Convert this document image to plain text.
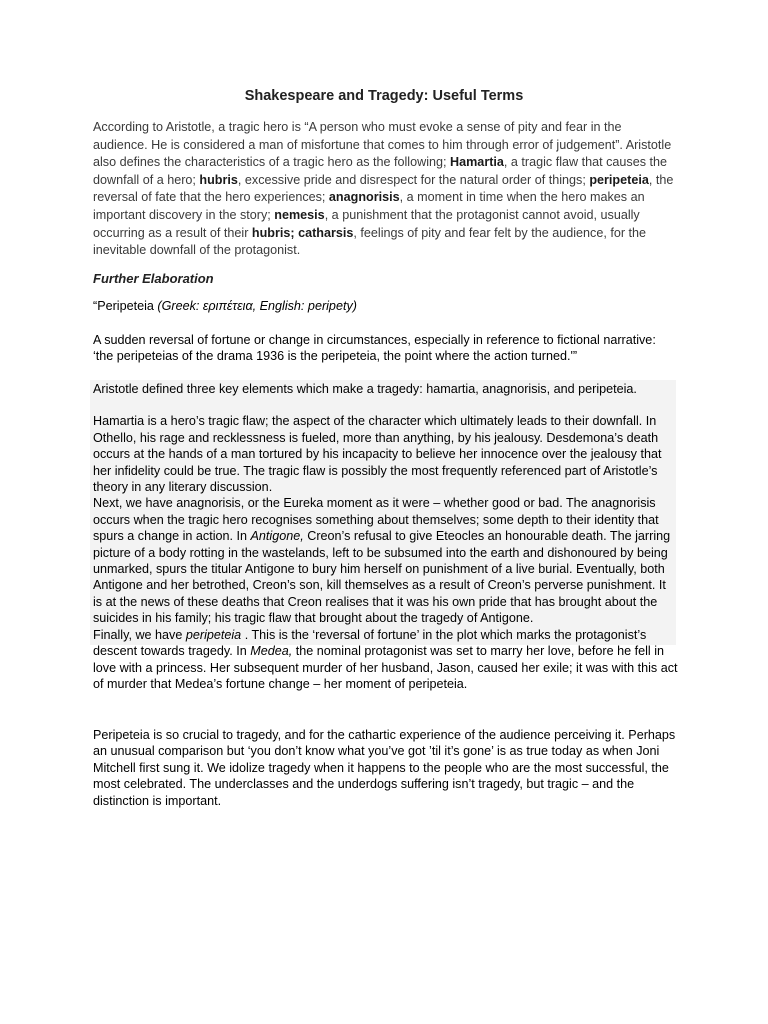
Shakespeare and Tragedy: Useful Terms

According to Aristotle, a tragic hero is “A person who must evoke a sense of pity and fear in the audience. He is considered a man of misfortune that comes to him through error of judgement”. Aristotle also defines the characteristics of a tragic hero as the following; Hamartia, a tragic flaw that causes the downfall of a hero; hubris, excessive pride and disrespect for the natural order of things; peripeteia, the reversal of fate that the hero experiences; anagnorisis, a moment in time when the hero makes an important discovery in the story; nemesis, a punishment that the protagonist cannot avoid, usually occurring as a result of their hubris; catharsis, feelings of pity and fear felt by the audience, for the inevitable downfall of the protagonist.

Further Elaboration

“Peripeteia (Greek: εριπέτεια, English: peripety)

A sudden reversal of fortune or change in circumstances, especially in reference to fictional narrative: ‘the peripeteias of the drama 1936 is the peripeteia, the point where the action turned.'”

Aristotle defined three key elements which make a tragedy: hamartia, anagnorisis, and peripeteia.

Hamartia is a hero’s tragic flaw; the aspect of the character which ultimately leads to their downfall. In Othello, his rage and recklessness is fueled, more than anything, by his jealousy. Desdemona’s death occurs at the hands of a man tortured by his incapacity to believe her innocence over the jealousy that her infidelity could be true. The tragic flaw is possibly the most frequently referenced part of Aristotle’s theory in any literary discussion.

Next, we have anagnorisis, or the Eureka moment as it were – whether good or bad. The anagnorisis occurs when the tragic hero recognises something about themselves; some depth to their identity that spurs a change in action. In Antigone, Creon’s refusal to give Eteocles an honourable death. The jarring picture of a body rotting in the wastelands, left to be subsumed into the earth and dishonoured by being unmarked, spurs the titular Antigone to bury him herself on punishment of a live burial. Eventually, both Antigone and her betrothed, Creon’s son, kill themselves as a result of Creon’s perverse punishment. It is at the news of these deaths that Creon realises that it was his own pride that has brought about the suicides in his family; his tragic flaw that brought about the tragedy of Antigone.

Finally, we have peripeteia . This is the ‘reversal of fortune’ in the plot which marks the protagonist’s descent towards tragedy. In Medea, the nominal protagonist was set to marry her love, before he fell in love with a princess. Her subsequent murder of her husband, Jason, caused her exile; it was with this act of murder that Medea’s fortune change – her moment of peripeteia.

Peripeteia is so crucial to tragedy, and for the cathartic experience of the audience perceiving it. Perhaps an unusual comparison but ‘you don’t know what you’ve got ’til it’s gone’ is as true today as when Joni Mitchell first sung it. We idolize tragedy when it happens to the people who are the most successful, the most celebrated. The underclasses and the underdogs suffering isn’t tragedy, but tragic – and the distinction is important.
